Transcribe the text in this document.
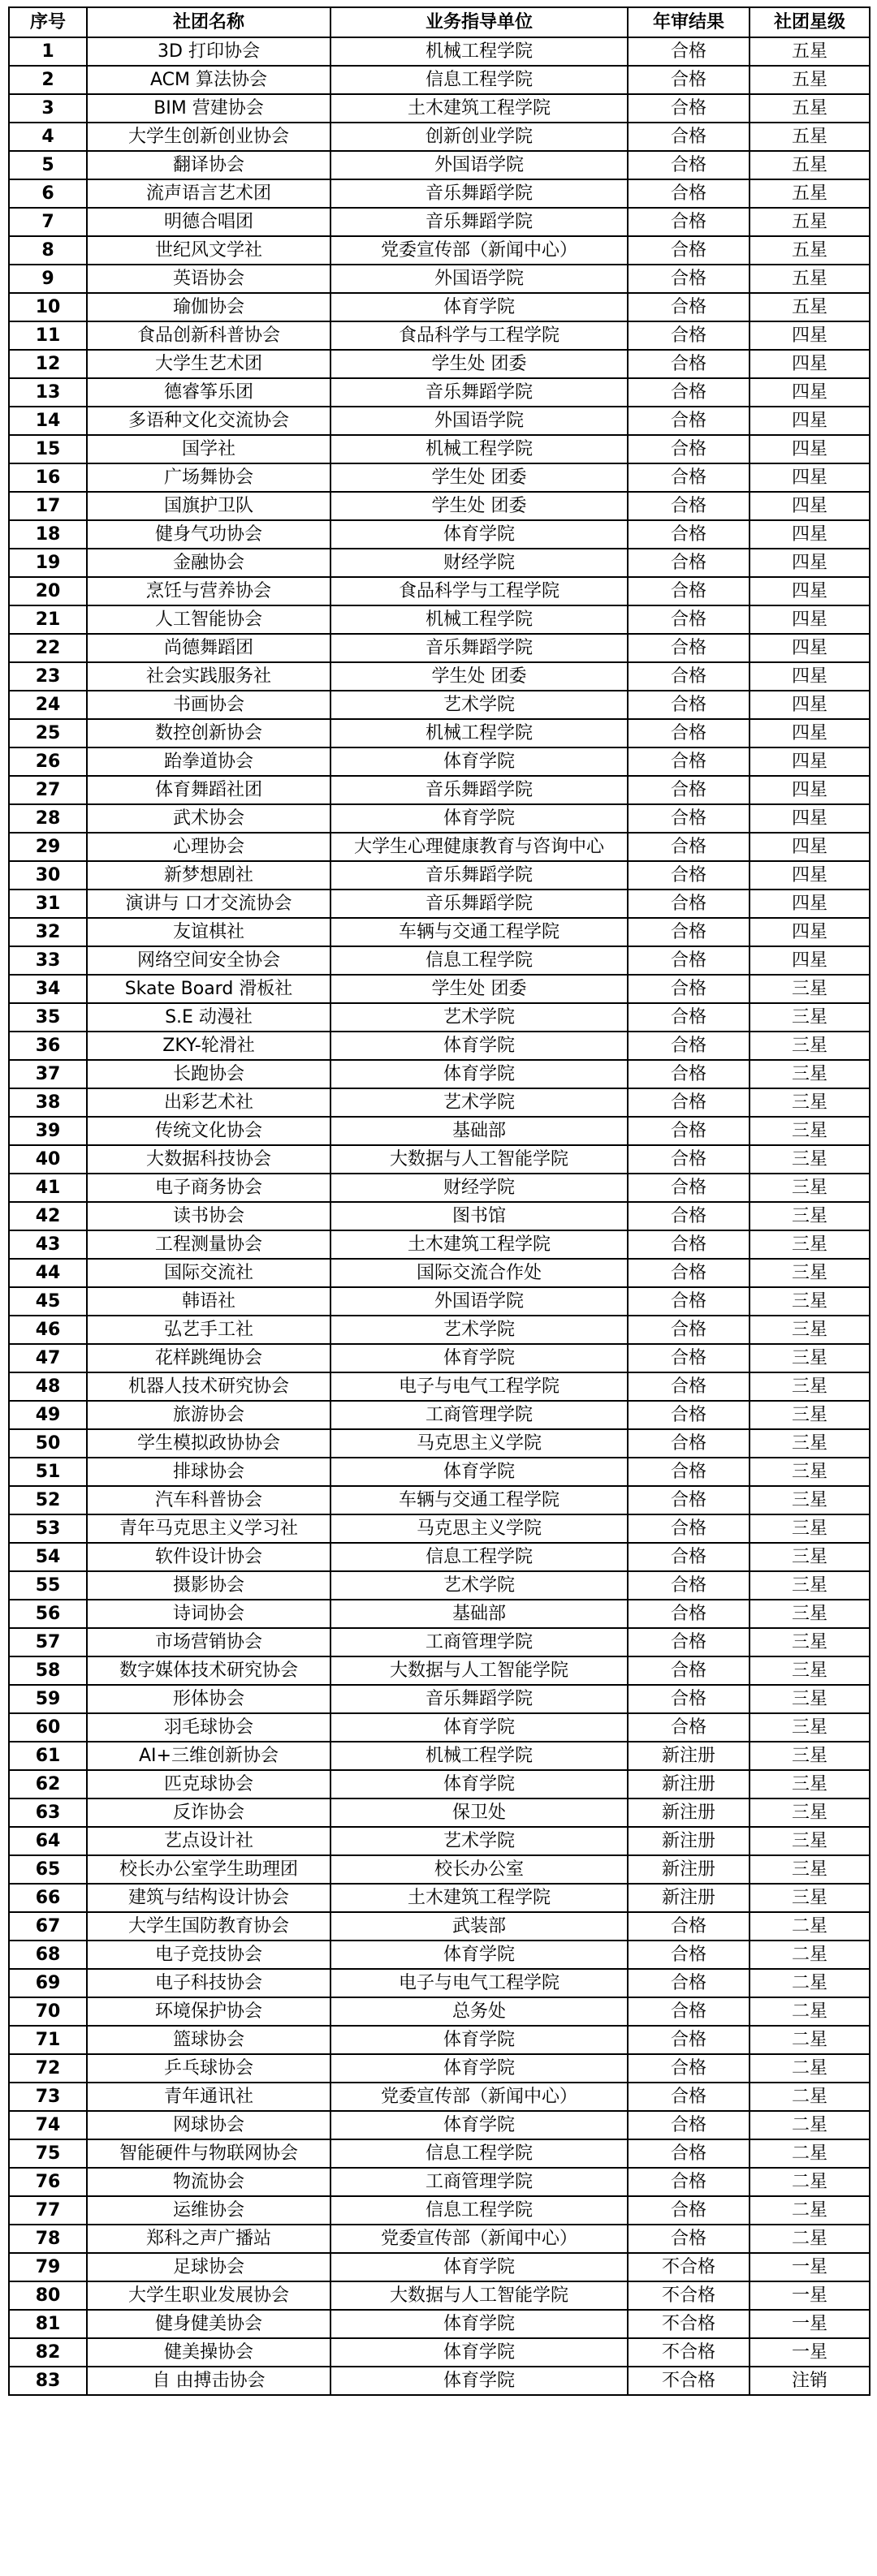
序号	社团名称	业务指导单位	年审结果	社团星级
1	3D 打印协会	机械工程学院	合格	五星
2	ACM 算法协会	信息工程学院	合格	五星
3	BIM 营建协会	土木建筑工程学院	合格	五星
4	大学生创新创业协会	创新创业学院	合格	五星
5	翻译协会	外国语学院	合格	五星
6	流声语言艺术团	音乐舞蹈学院	合格	五星
7	明德合唱团	音乐舞蹈学院	合格	五星
8	世纪风文学社	党委宣传部（新闻中心）	合格	五星
9	英语协会	外国语学院	合格	五星
10	瑜伽协会	体育学院	合格	五星
11	食品创新科普协会	食品科学与工程学院	合格	四星
12	大学生艺术团	学生处 团委	合格	四星
13	德睿筝乐团	音乐舞蹈学院	合格	四星
14	多语种文化交流协会	外国语学院	合格	四星
15	国学社	机械工程学院	合格	四星
16	广场舞协会	学生处 团委	合格	四星
17	国旗护卫队	学生处 团委	合格	四星
18	健身气功协会	体育学院	合格	四星
19	金融协会	财经学院	合格	四星
20	烹饪与营养协会	食品科学与工程学院	合格	四星
21	人工智能协会	机械工程学院	合格	四星
22	尚德舞蹈团	音乐舞蹈学院	合格	四星
23	社会实践服务社	学生处 团委	合格	四星
24	书画协会	艺术学院	合格	四星
25	数控创新协会	机械工程学院	合格	四星
26	跆拳道协会	体育学院	合格	四星
27	体育舞蹈社团	音乐舞蹈学院	合格	四星
28	武术协会	体育学院	合格	四星
29	心理协会	大学生心理健康教育与咨询中心	合格	四星
30	新梦想剧社	音乐舞蹈学院	合格	四星
31	演讲与 口才交流协会	音乐舞蹈学院	合格	四星
32	友谊棋社	车辆与交通工程学院	合格	四星
33	网络空间安全协会	信息工程学院	合格	四星
34	Skate Board 滑板社	学生处 团委	合格	三星
35	S.E 动漫社	艺术学院	合格	三星
36	ZKY-轮滑社	体育学院	合格	三星
37	长跑协会	体育学院	合格	三星
38	出彩艺术社	艺术学院	合格	三星
39	传统文化协会	基础部	合格	三星
40	大数据科技协会	大数据与人工智能学院	合格	三星
41	电子商务协会	财经学院	合格	三星
42	读书协会	图书馆	合格	三星
43	工程测量协会	土木建筑工程学院	合格	三星
44	国际交流社	国际交流合作处	合格	三星
45	韩语社	外国语学院	合格	三星
46	弘艺手工社	艺术学院	合格	三星
47	花样跳绳协会	体育学院	合格	三星
48	机器人技术研究协会	电子与电气工程学院	合格	三星
49	旅游协会	工商管理学院	合格	三星
50	学生模拟政协协会	马克思主义学院	合格	三星
51	排球协会	体育学院	合格	三星
52	汽车科普协会	车辆与交通工程学院	合格	三星
53	青年马克思主义学习社	马克思主义学院	合格	三星
54	软件设计协会	信息工程学院	合格	三星
55	摄影协会	艺术学院	合格	三星
56	诗词协会	基础部	合格	三星
57	市场营销协会	工商管理学院	合格	三星
58	数字媒体技术研究协会	大数据与人工智能学院	合格	三星
59	形体协会	音乐舞蹈学院	合格	三星
60	羽毛球协会	体育学院	合格	三星
61	AI+三维创新协会	机械工程学院	新注册	三星
62	匹克球协会	体育学院	新注册	三星
63	反诈协会	保卫处	新注册	三星
64	艺点设计社	艺术学院	新注册	三星
65	校长办公室学生助理团	校长办公室	新注册	三星
66	建筑与结构设计协会	土木建筑工程学院	新注册	三星
67	大学生国防教育协会	武装部	合格	二星
68	电子竞技协会	体育学院	合格	二星
69	电子科技协会	电子与电气工程学院	合格	二星
70	环境保护协会	总务处	合格	二星
71	篮球协会	体育学院	合格	二星
72	乒乓球协会	体育学院	合格	二星
73	青年通讯社	党委宣传部（新闻中心）	合格	二星
74	网球协会	体育学院	合格	二星
75	智能硬件与物联网协会	信息工程学院	合格	二星
76	物流协会	工商管理学院	合格	二星
77	运维协会	信息工程学院	合格	二星
78	郑科之声广播站	党委宣传部（新闻中心）	合格	二星
79	足球协会	体育学院	不合格	一星
80	大学生职业发展协会	大数据与人工智能学院	不合格	一星
81	健身健美协会	体育学院	不合格	一星
82	健美操协会	体育学院	不合格	一星
83	自 由搏击协会	体育学院	不合格	注销
